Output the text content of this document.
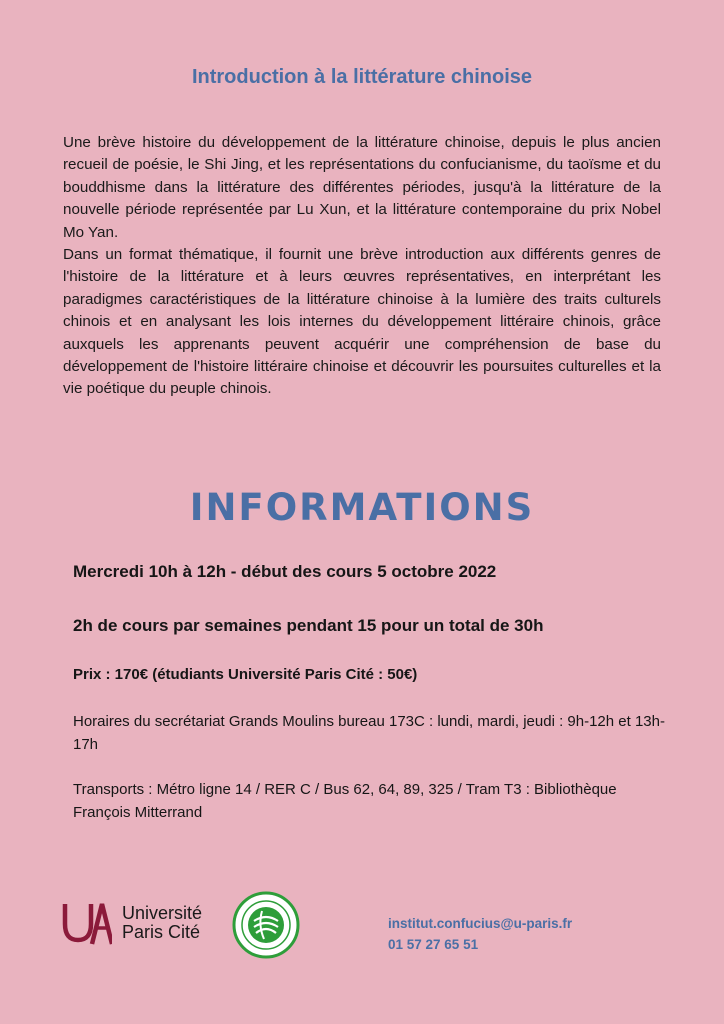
Introduction à la littérature chinoise

Une brève histoire du développement de la littérature chinoise, depuis le plus ancien recueil de poésie, le Shi Jing, et les représentations du confucianisme, du taoïsme et du bouddhisme dans la littérature des différentes périodes, jusqu'à la littérature de la nouvelle période représentée par Lu Xun, et la littérature contemporaine du prix Nobel Mo Yan.

Dans un format thématique, il fournit une brève introduction aux différents genres de l'histoire de la littérature et à leurs œuvres représentatives, en interprétant les paradigmes caractéristiques de la littérature chinoise à la lumière des traits culturels chinois et en analysant les lois internes du développement littéraire chinois, grâce auxquels les apprenants peuvent acquérir une compréhension de base du développement de l'histoire littéraire chinoise et découvrir les poursuites culturelles et la vie poétique du peuple chinois.

INFORMATIONS

Mercredi 10h à 12h - début des cours 5 octobre 2022

2h de cours par semaines pendant 15 pour un total de 30h

Prix : 170€ (étudiants Université Paris Cité : 50€)

Horaires du secrétariat Grands Moulins bureau 173C : lundi, mardi, jeudi : 9h-12h et 13h-17h

Transports : Métro ligne 14 / RER C / Bus 62, 64, 89, 325 / Tram T3 : Bibliothèque François Mitterrand

Université
Paris Cité	institut.confucius@u-paris.fr
01 57 27 65 51
